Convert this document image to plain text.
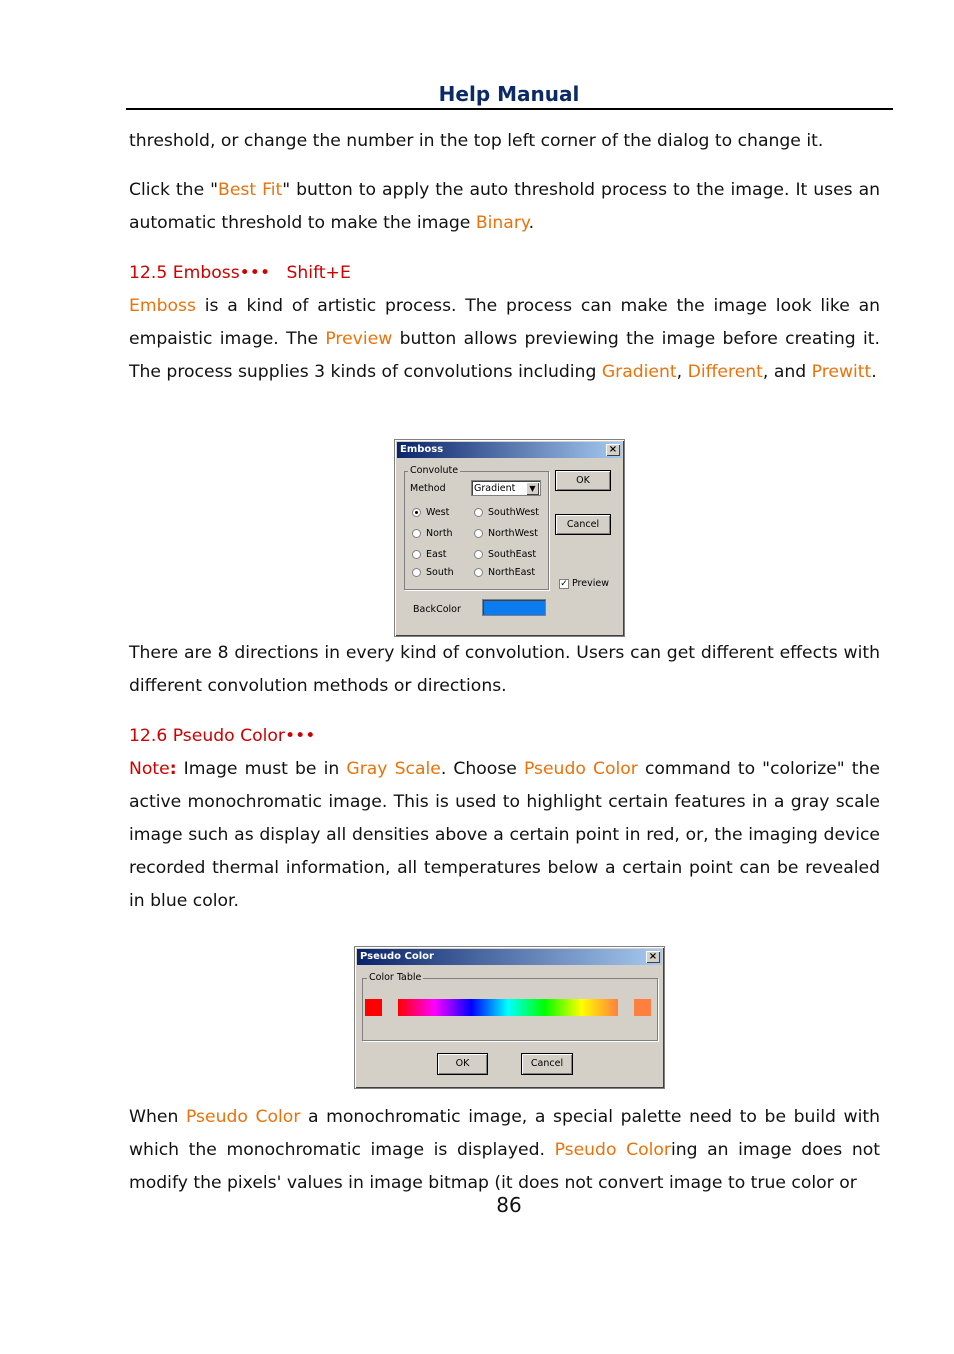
Help Manual

threshold, or change the number in the top left corner of the dialog to change it.

Click the "Best Fit" button to apply the auto threshold process to the image. It uses an automatic threshold to make the image Binary.

12.5 Emboss••• Shift+E

Emboss is a kind of artistic process. The process can make the image look like an empaistic image. The Preview button allows previewing the image before creating it. The process supplies 3 kinds of convolutions including Gradient, Different, and Prewitt.

Emboss	×
Convolute
Method	Gradient	▼
West
North
East
South
SouthWest
NorthWest
SouthEast
NorthEast
OK
Cancel
✓ Preview
BackColor

There are 8 directions in every kind of convolution. Users can get different effects with different convolution methods or directions.

12.6 Pseudo Color•••

Note: Image must be in Gray Scale. Choose Pseudo Color command to "colorize" the active monochromatic image. This is used to highlight certain features in a gray scale image such as display all densities above a certain point in red, or, the imaging device recorded thermal information, all temperatures below a certain point can be revealed in blue color.

Pseudo Color	×
Color Table
OK	Cancel

When Pseudo Color a monochromatic image, a special palette need to be build with which the monochromatic image is displayed. Pseudo Coloring an image does not modify the pixels' values in image bitmap (it does not convert image to true color or

86
